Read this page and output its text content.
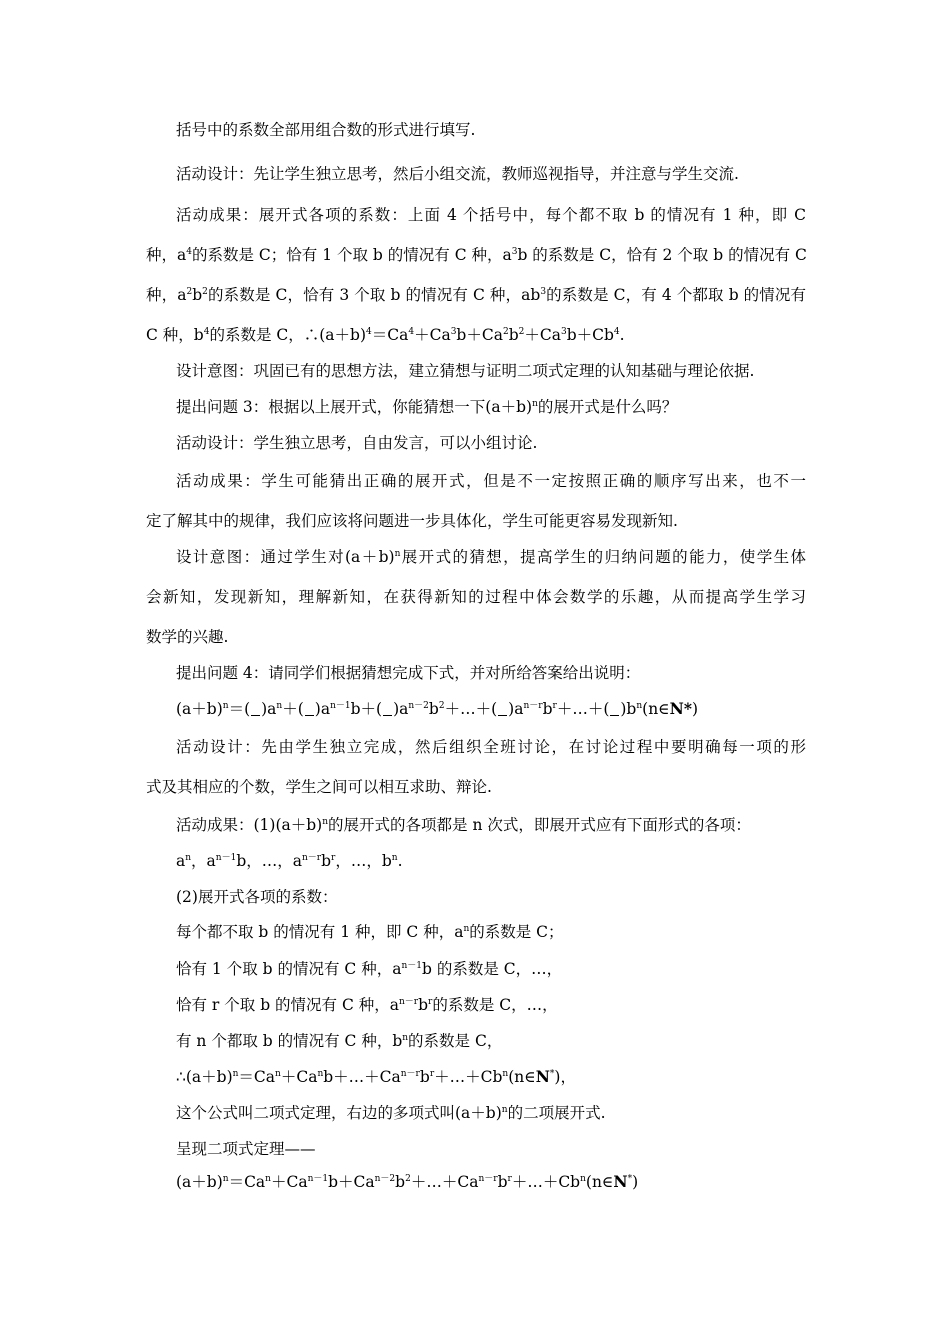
括号中的系数全部用组合数的形式进行填写.
活动设计：先让学生独立思考，然后小组交流，教师巡视指导，并注意与学生交流.
活动成果：展开式各项的系数：上面 4 个括号中，每个都不取 b 的情况有 1 种，即 C
种，$a^4$的系数是 C；恰有 1 个取 b 的情况有 C 种，$a^3b$ 的系数是 C，恰有 2 个取 b 的情况有 C
种，$a^2b^2$的系数是 C，恰有 3 个取 b 的情况有 C 种，$ab^3$的系数是 C，有 4 个都取 b 的情况有
C 种，$b^4$的系数是 C，$\therefore(a+b)^4=Ca^4+Ca^3b+Ca^2b^2+Ca^3b+Cb^4$.
设计意图：巩固已有的思想方法，建立猜想与证明二项式定理的认知基础与理论依据.
提出问题 3：根据以上展开式，你能猜想一下$(a+b)^n$的展开式是什么吗？
活动设计：学生独立思考，自由发言，可以小组讨论.
活动成果：学生可能猜出正确的展开式，但是不一定按照正确的顺序写出来，也不一
定了解其中的规律，我们应该将问题进一步具体化，学生可能更容易发现新知.
设计意图：通过学生对$(a+b)^n$展开式的猜想，提高学生的归纳问题的能力，使学生体
会新知，发现新知，理解新知，在获得新知的过程中体会数学的乐趣，从而提高学生学习
数学的兴趣.
提出问题 4：请同学们根据猜想完成下式，并对所给答案给出说明：
$(a+b)^n=$( )$a^n+$( )$a^{n-1}b+$( )$a^{n-2}b^2+\dots+$( )$a^{n-r}b^r+\dots+$( )$b^n(n\in N*)$
活动设计：先由学生独立完成，然后组织全班讨论，在讨论过程中要明确每一项的形
式及其相应的个数，学生之间可以相互求助、辩论.
活动成果：$(1)(a+b)^n$的展开式的各项都是 n 次式，即展开式应有下面形式的各项：
$a^n$，$a^{n-1}b$，…，$a^{n-r}b^r$，…，$b^n$.
(2)展开式各项的系数：
每个都不取 b 的情况有 1 种，即 C 种，$a^n$的系数是 C；
恰有 1 个取 b 的情况有 C 种，$a^{n-1}b$ 的系数是 C，…，
恰有 r 个取 b 的情况有 C 种，$a^{n-r}b^r$的系数是 C，…，
有 n 个都取 b 的情况有 C 种，$b^n$的系数是 C，
$\therefore(a+b)^n=Ca^n+Ca^nb+\dots+Ca^{n-r}b^r+\dots+Cb^n(n\in N^*)$，
这个公式叫二项式定理，右边的多项式叫$(a+b)^n$的二项展开式.
呈现二项式定理——
$(a+b)^n=Ca^n+Ca^{n-1}b+Ca^{n-2}b^2+\dots+Ca^{n-r}b^r+\dots+Cb^n(n\in N^*)$
